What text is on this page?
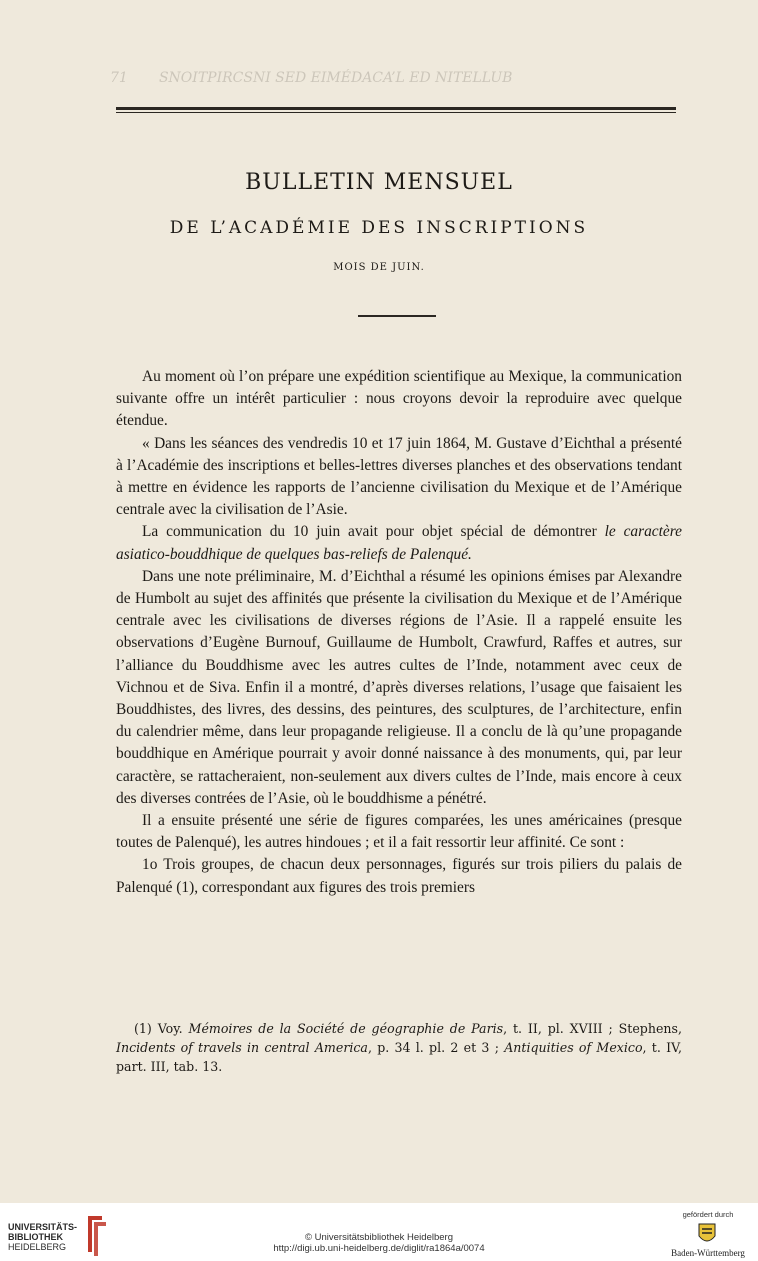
71       SNOITPIRCSNI SED EIMÉDACA’L ED NITELLUB
BULLETIN MENSUEL
DE L’ACADÉMIE DES INSCRIPTIONS
MOIS DE JUIN.

Au moment où l’on prépare une expédition scientifique au Mexique, la communication suivante offre un intérêt particulier : nous croyons devoir la reproduire avec quelque étendue.

« Dans les séances des vendredis 10 et 17 juin 1864, M. Gustave d’Eichthal a présenté à l’Académie des inscriptions et belles-lettres diverses planches et des observations tendant à mettre en évidence les rapports de l’ancienne civilisation du Mexique et de l’Amérique centrale avec la civilisation de l’Asie.

La communication du 10 juin avait pour objet spécial de démontrer le caractère asiatico-bouddhique de quelques bas-reliefs de Palenqué.

Dans une note préliminaire, M. d’Eichthal a résumé les opinions émises par Alexandre de Humbolt au sujet des affinités que présente la civilisation du Mexique et de l’Amérique centrale avec les civilisations de diverses régions de l’Asie. Il a rappelé ensuite les observations d’Eugène Burnouf, Guillaume de Humbolt, Crawfurd, Raffes et autres, sur l’alliance du Bouddhisme avec les autres cultes de l’Inde, notamment avec ceux de Vichnou et de Siva. Enfin il a montré, d’après diverses relations, l’usage que faisaient les Bouddhistes, des livres, des dessins, des peintures, des sculptures, de l’architecture, enfin du calendrier même, dans leur propagande religieuse. Il a conclu de là qu’une propagande bouddhique en Amérique pourrait y avoir donné naissance à des monuments, qui, par leur caractère, se rattacheraient, non-seulement aux divers cultes de l’Inde, mais encore à ceux des diverses contrées de l’Asie, où le bouddhisme a pénétré.

Il a ensuite présenté une série de figures comparées, les unes américaines (presque toutes de Palenqué), les autres hindoues ; et il a fait ressortir leur affinité. Ce sont :

1o Trois groupes, de chacun deux personnages, figurés sur trois piliers du palais de Palenqué (1), correspondant aux figures des trois premiers

(1) Voy. Mémoires de la Société de géographie de Paris, t. II, pl. XVIII ; Stephens, Incidents of travels in central America, p. 34 l. pl. 2 et 3 ; Antiquities of Mexico, t. IV, part. III, tab. 13.

UNIVERSITÄTS-
BIBLIOTHEK
HEIDELBERG
© Universitätsbibliothek Heidelberg
http://digi.ub.uni-heidelberg.de/diglit/ra1864a/0074
gefördert durch
Baden-Württemberg
